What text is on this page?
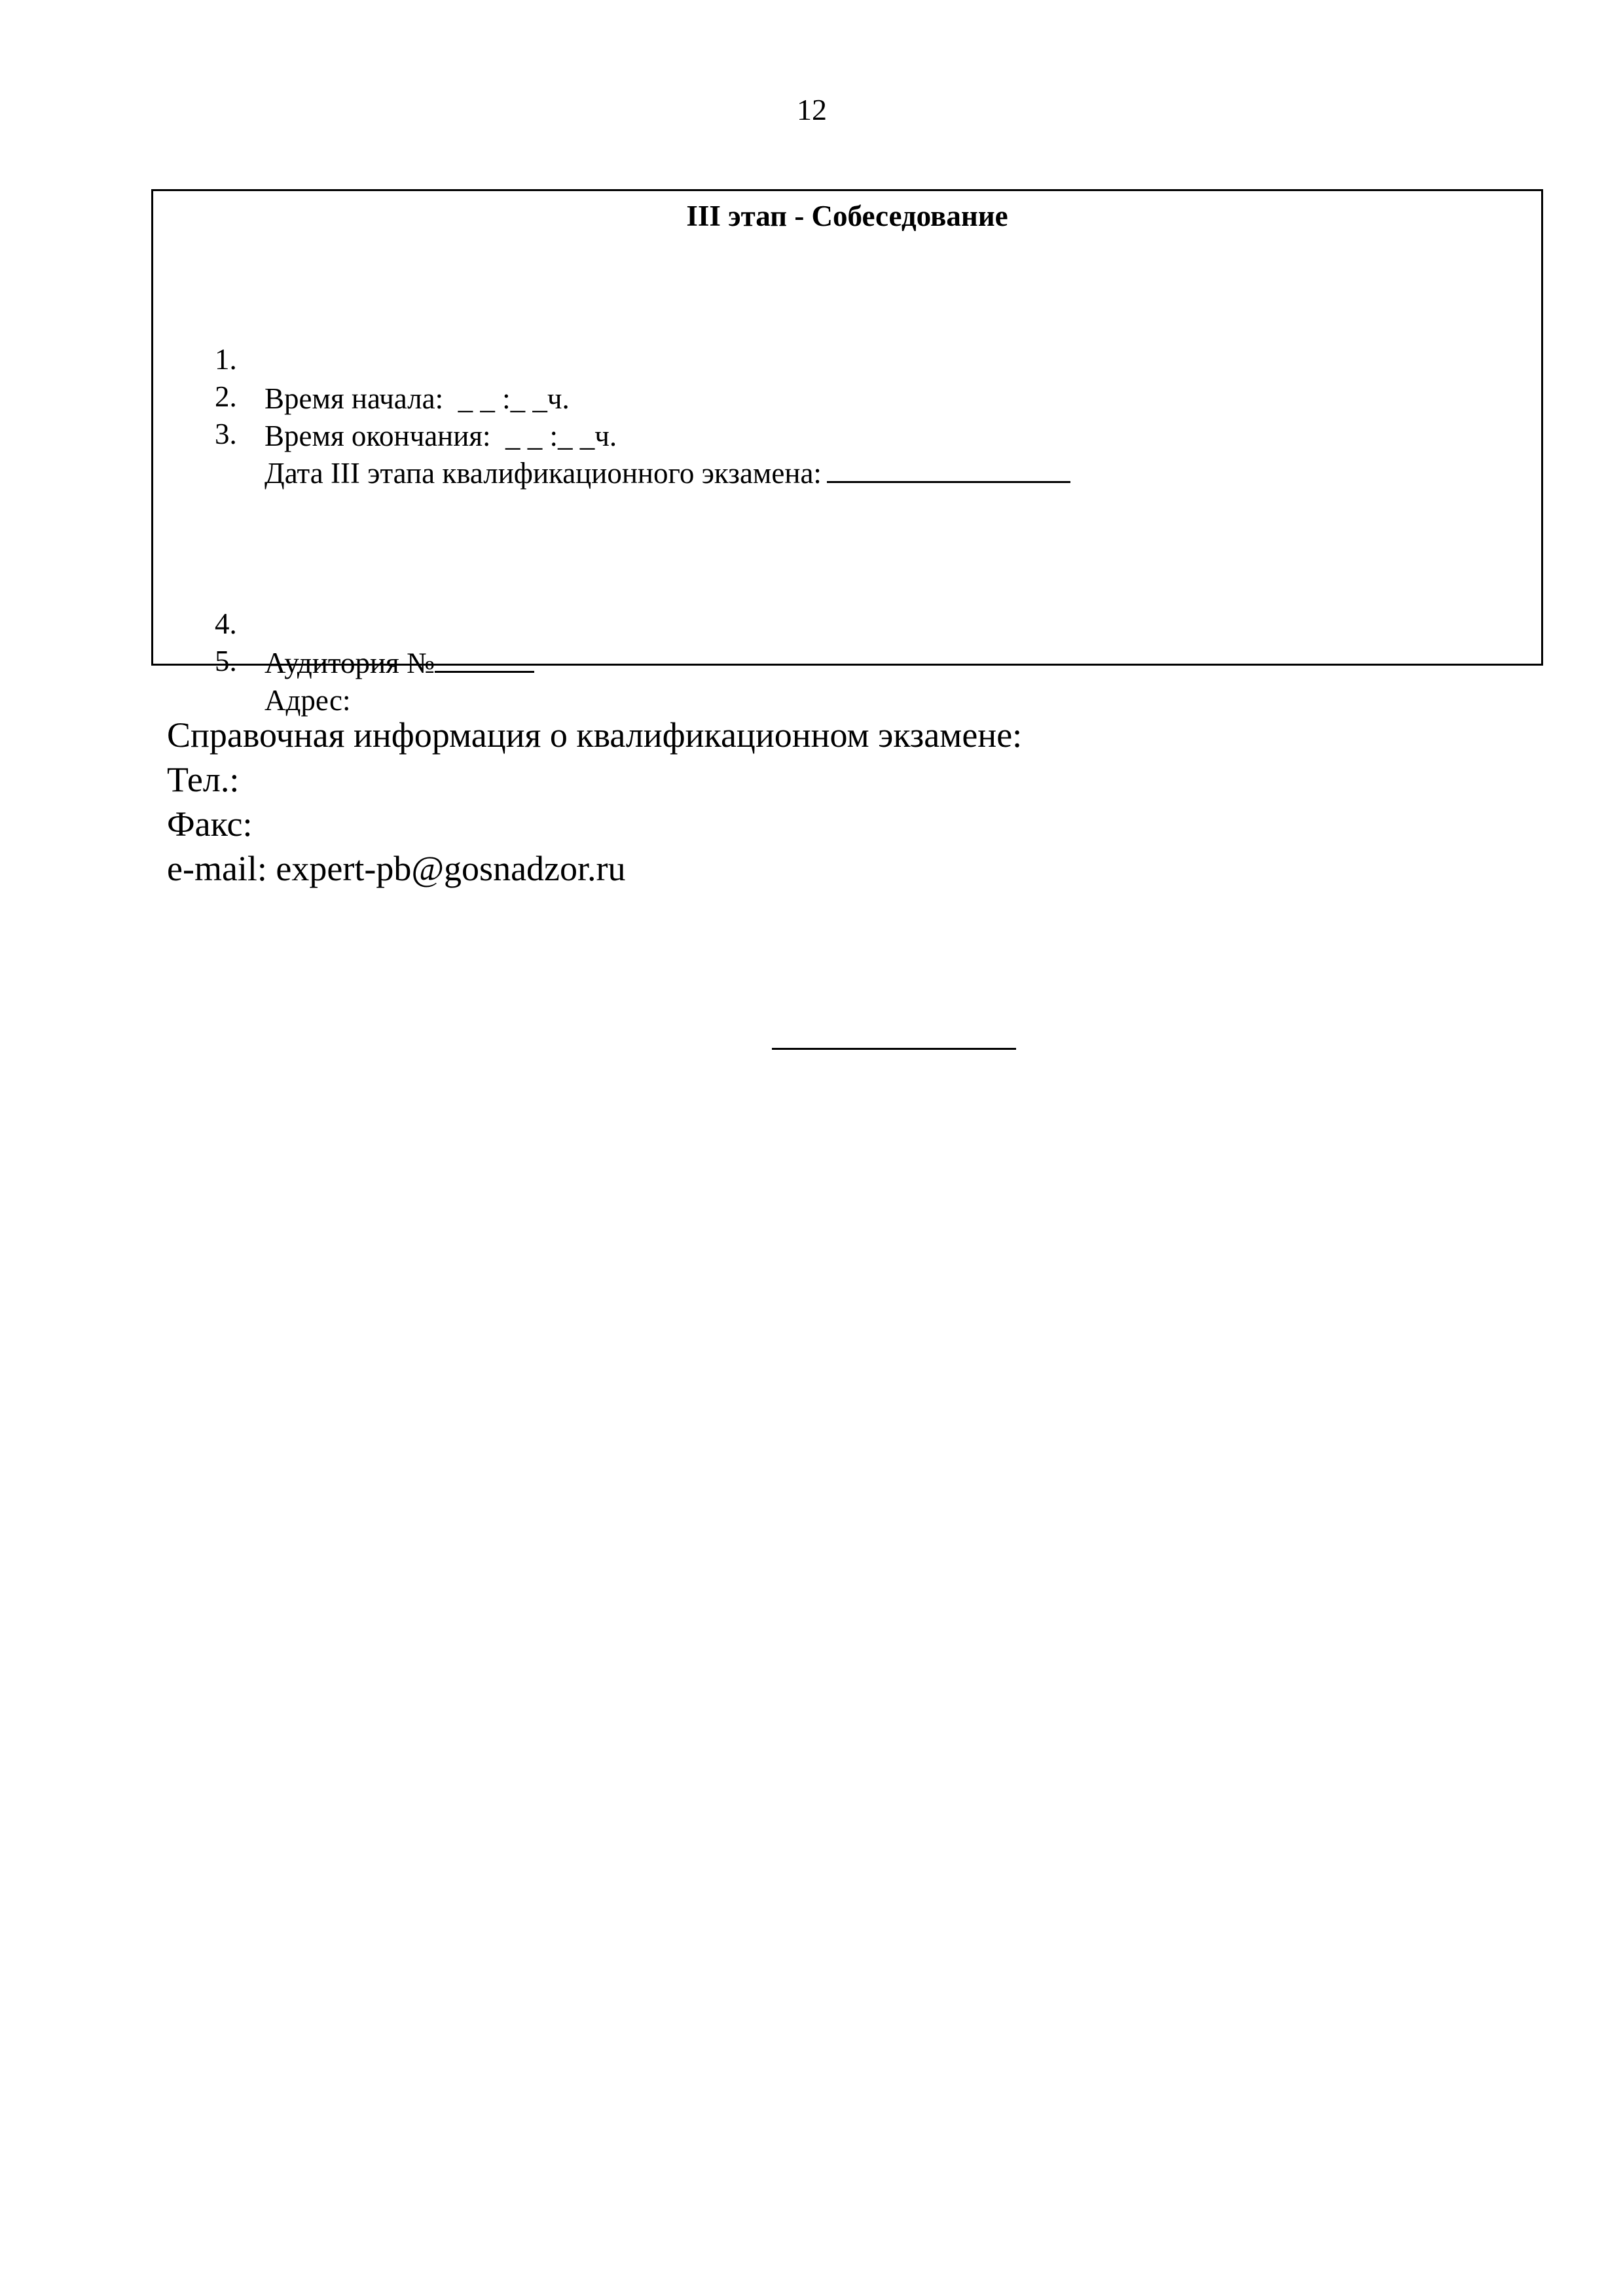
12
III этап - Собеседование

1.

Время начала:  _ _ :_ _ч.

2.

Время окончания:  _ _ :_ _ч.

3.

Дата III этапа квалификационного экзамена:

4.

Аудитория №

5.

Адрес:

Справочная информация о квалификационном экзамене:
Тел.:
Факс:
e-mail: expert-pb@gosnadzor.ru
